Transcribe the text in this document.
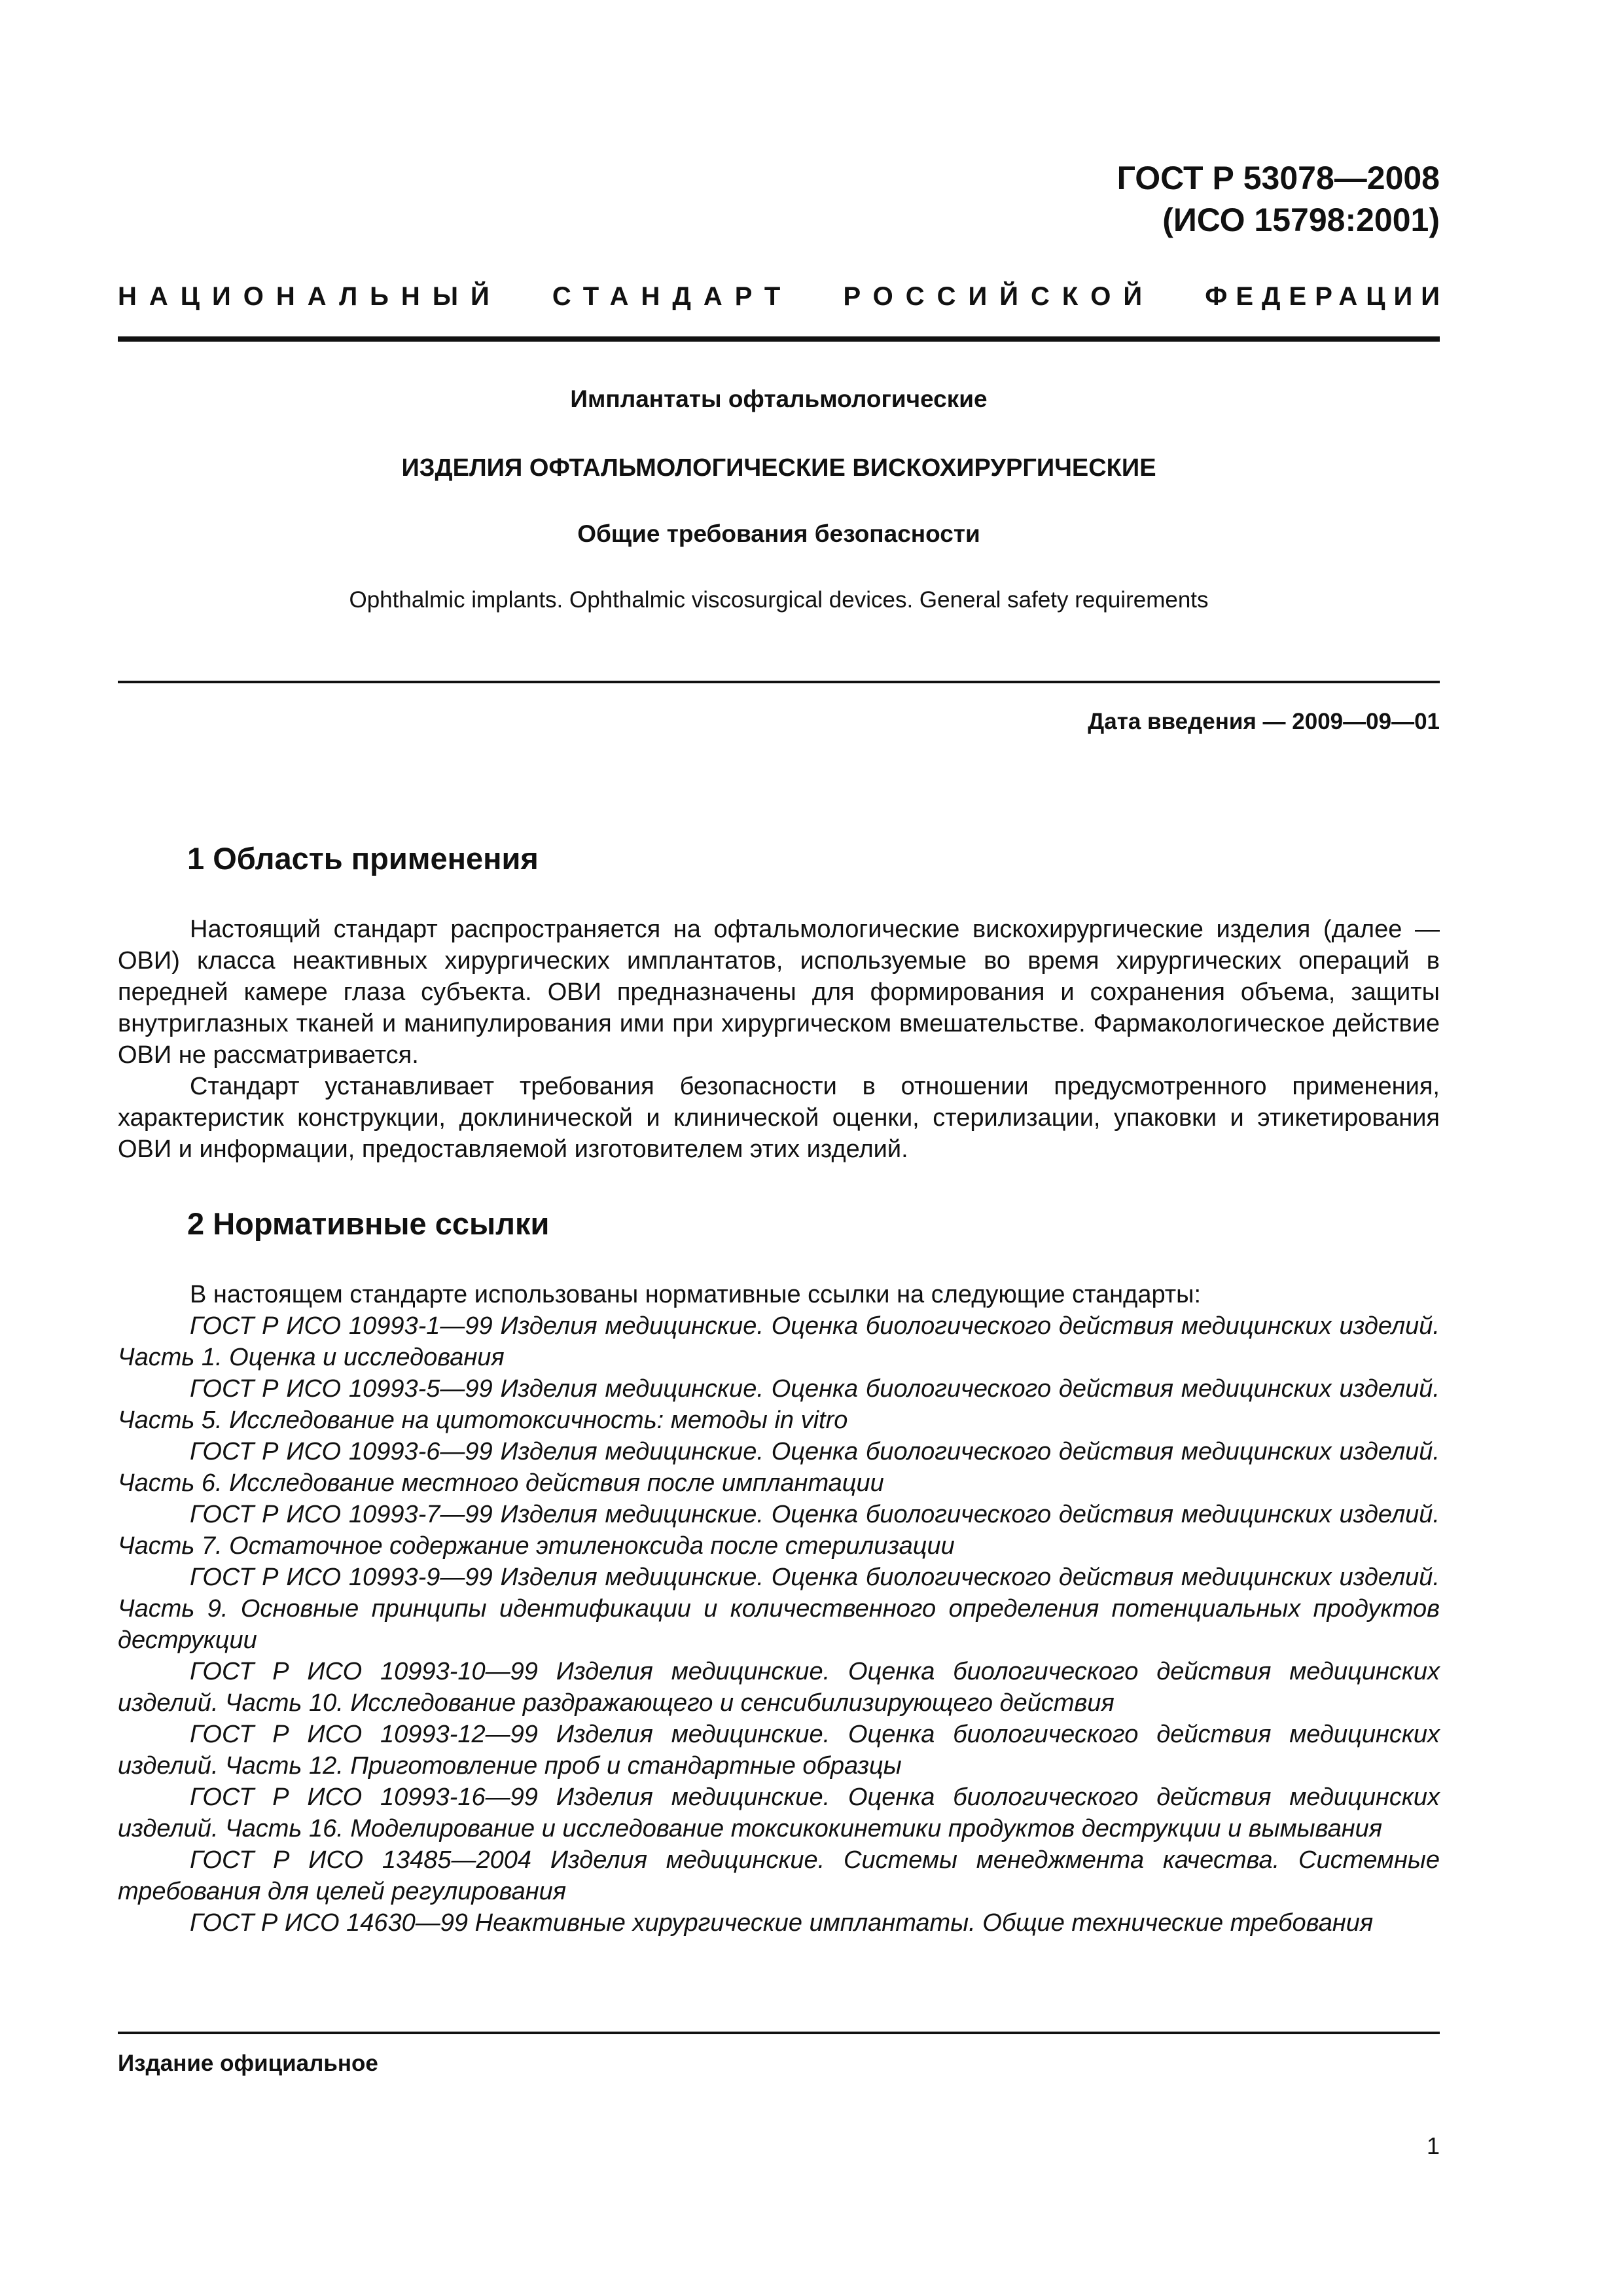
ГОСТ Р 53078—2008
(ИСО 15798:2001)
НАЦИОНАЛЬНЫЙ СТАНДАРТ РОССИЙСКОЙ ФЕДЕРАЦИИ
Имплантаты офтальмологические
ИЗДЕЛИЯ ОФТАЛЬМОЛОГИЧЕСКИЕ ВИСКОХИРУРГИЧЕСКИЕ
Общие требования безопасности
Ophthalmic implants. Ophthalmic viscosurgical devices. General safety requirements
Дата введения — 2009—09—01
1 Область применения

Настоящий стандарт распространяется на офтальмологические вискохирургические изделия (далее — ОВИ) класса неактивных хирургических имплантатов, используемые во время хирургических операций в передней камере глаза субъекта. ОВИ предназначены для формирования и сохранения объема, защиты внутриглазных тканей и манипулирования ими при хирургическом вмешательстве. Фармакологическое действие ОВИ не рассматривается.

Стандарт устанавливает требования безопасности в отношении предусмотренного применения, характеристик конструкции, доклинической и клинической оценки, стерилизации, упаковки и этикетирования ОВИ и информации, предоставляемой изготовителем этих изделий.

2 Нормативные ссылки

В настоящем стандарте использованы нормативные ссылки на следующие стандарты:

ГОСТ Р ИСО 10993-1—99 Изделия медицинские. Оценка биологического действия медицинских изделий. Часть 1. Оценка и исследования

ГОСТ Р ИСО 10993-5—99 Изделия медицинские. Оценка биологического действия медицинских изделий. Часть 5. Исследование на цитотоксичность: методы in vitro

ГОСТ Р ИСО 10993-6—99 Изделия медицинские. Оценка биологического действия медицинских изделий. Часть 6. Исследование местного действия после имплантации

ГОСТ Р ИСО 10993-7—99 Изделия медицинские. Оценка биологического действия медицинских изделий. Часть 7. Остаточное содержание этиленоксида после стерилизации

ГОСТ Р ИСО 10993-9—99 Изделия медицинские. Оценка биологического действия медицинских изделий. Часть 9. Основные принципы идентификации и количественного определения потенциальных продуктов деструкции

ГОСТ Р ИСО 10993-10—99 Изделия медицинские. Оценка биологического действия медицинских изделий. Часть 10. Исследование раздражающего и сенсибилизирующего действия

ГОСТ Р ИСО 10993-12—99 Изделия медицинские. Оценка биологического действия медицинских изделий. Часть 12. Приготовление проб и стандартные образцы

ГОСТ Р ИСО 10993-16—99 Изделия медицинские. Оценка биологического действия медицинских изделий. Часть 16. Моделирование и исследование токсикокинетики продуктов деструкции и вымывания

ГОСТ Р ИСО 13485—2004 Изделия медицинские. Системы менеджмента качества. Системные требования для целей регулирования

ГОСТ Р ИСО 14630—99 Неактивные хирургические имплантаты. Общие технические требования

Издание официальное
1
